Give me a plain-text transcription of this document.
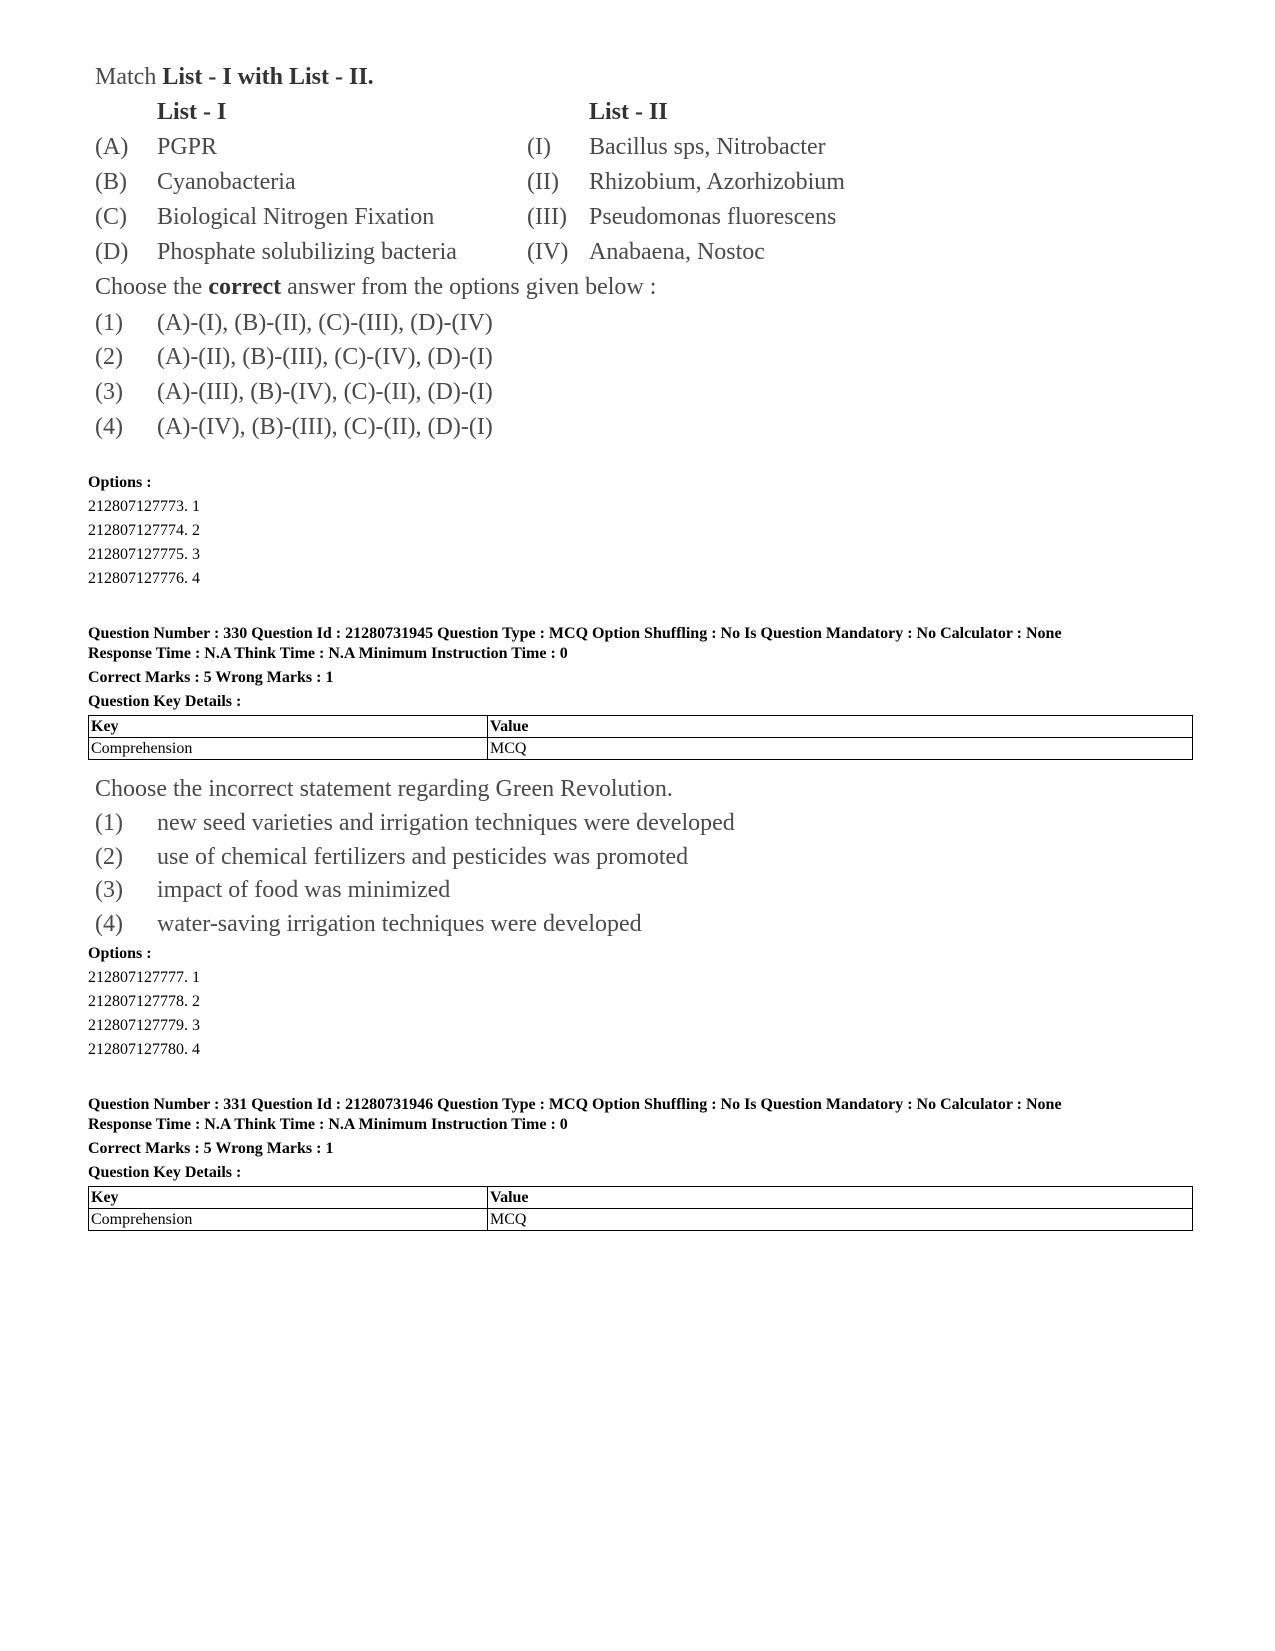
Match List - I with List - II.
List - I	List - II
(A) PGPR	(I) Bacillus sps, Nitrobacter
(B) Cyanobacteria	(II) Rhizobium, Azorhizobium
(C) Biological Nitrogen Fixation	(III) Pseudomonas fluorescens
(D) Phosphate solubilizing bacteria	(IV) Anabaena, Nostoc
Choose the correct answer from the options given below :
(1) (A)-(I), (B)-(II), (C)-(III), (D)-(IV)
(2) (A)-(II), (B)-(III), (C)-(IV), (D)-(I)
(3) (A)-(III), (B)-(IV), (C)-(II), (D)-(I)
(4) (A)-(IV), (B)-(III), (C)-(II), (D)-(I)
Options :
212807127773. 1
212807127774. 2
212807127775. 3
212807127776. 4
Question Number : 330 Question Id : 21280731945 Question Type : MCQ Option Shuffling : No Is Question Mandatory : No Calculator : None
Response Time : N.A Think Time : N.A Minimum Instruction Time : 0
Correct Marks : 5 Wrong Marks : 1
Question Key Details :
Key	Value
Comprehension	MCQ
Choose the incorrect statement regarding Green Revolution.
(1) new seed varieties and irrigation techniques were developed
(2) use of chemical fertilizers and pesticides was promoted
(3) impact of food was minimized
(4) water-saving irrigation techniques were developed
Options :
212807127777. 1
212807127778. 2
212807127779. 3
212807127780. 4
Question Number : 331 Question Id : 21280731946 Question Type : MCQ Option Shuffling : No Is Question Mandatory : No Calculator : None
Response Time : N.A Think Time : N.A Minimum Instruction Time : 0
Correct Marks : 5 Wrong Marks : 1
Question Key Details :
Key	Value
Comprehension	MCQ
